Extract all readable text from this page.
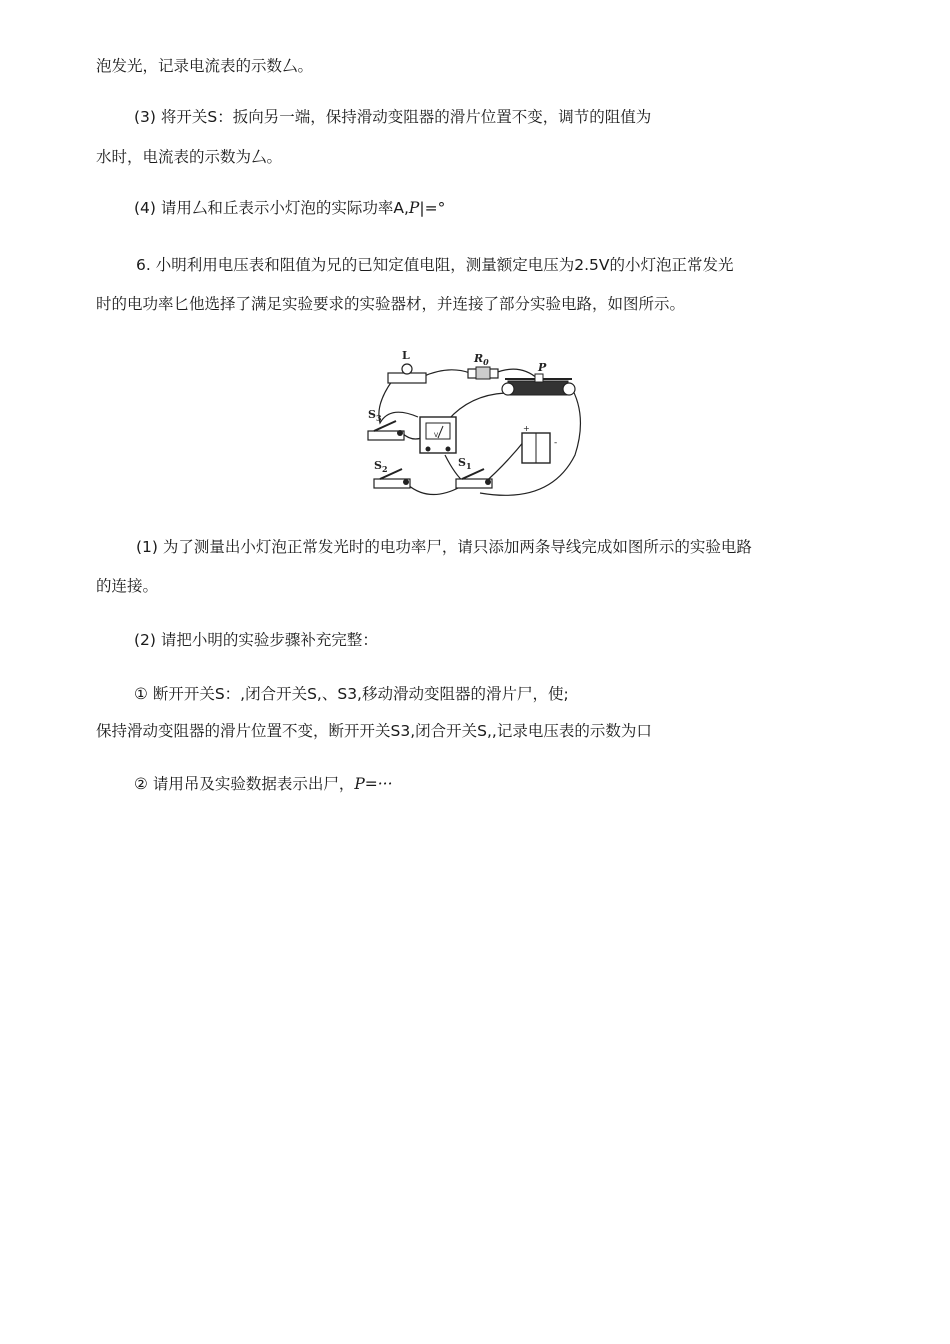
泡发光，记录电流表的示数厶。
(3) 将开关S：扳向另一端，保持滑动变阻器的滑片位置不变，调节的阻值为
水时，电流表的示数为厶。
(4) 请用厶和丘表示小灯泡的实际功率A,P|=°
6. 小明利用电压表和阻值为兄的已知定值电阻，测量额定电压为2.5V的小灯泡正常发光
时的电功率匕他选择了满足实验要求的实验器材，并连接了部分实验电路，如图所示。
L	$R_0$	P
$S_3$
V
+
-
$S_2$	$S_1$
(1) 为了测量出小灯泡正常发光时的电功率尸，请只添加两条导线完成如图所示的实验电路
的连接。
(2) 请把小明的实验步骤补充完整：
① 断开开关S：,闭合开关S,、S3,移动滑动变阻器的滑片尸，使;
保持滑动变阻器的滑片位置不变，断开开关S3,闭合开关S,,记录电压表的示数为口
② 请用吊及实验数据表示出尸，P=···
